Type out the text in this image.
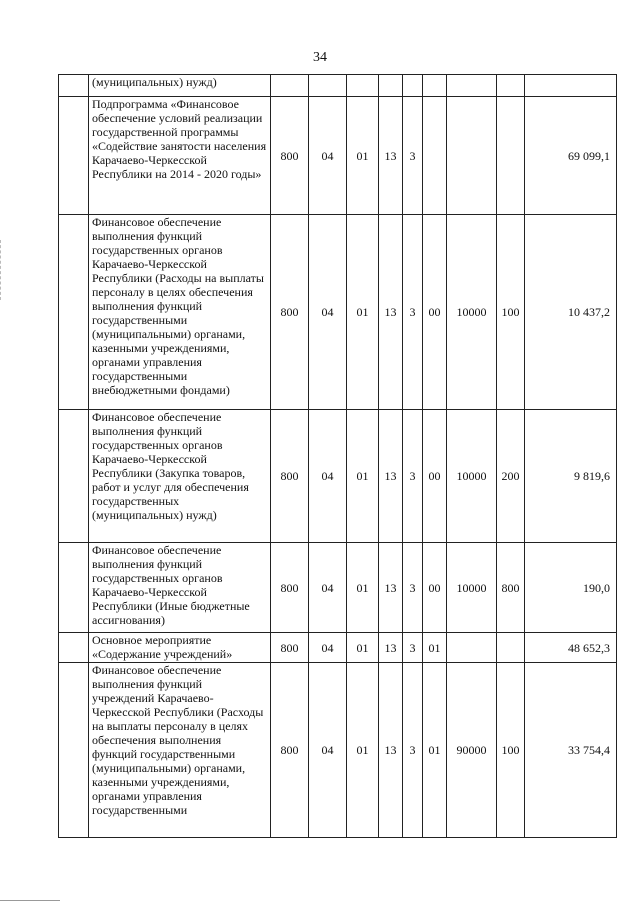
34
	(муниципальных) нужд)									
	Подпрограмма «Финансовое обеспечение условий реализации государственной программы «Содействие занятости населения Карачаево-Черкесской Республики на 2014 - 2020 годы»	800	04	01	13	3				69 099,1
	Финансовое обеспечение выполнения функций государственных органов Карачаево-Черкесской Республики (Расходы на выплаты персоналу в целях обеспечения выполнения функций государственными (муниципальными) органами, казенными учреждениями, органами управления государственными внебюджетными фондами)	800	04	01	13	3	00	10000	100	10 437,2
	Финансовое обеспечение выполнения функций государственных органов Карачаево-Черкесской Республики (Закупка товаров, работ и услуг для обеспечения государственных (муниципальных) нужд)	800	04	01	13	3	00	10000	200	9 819,6
	Финансовое обеспечение выполнения функций государственных органов Карачаево-Черкесской Республики (Иные бюджетные ассигнования)	800	04	01	13	3	00	10000	800	190,0
	Основное мероприятие «Содержание учреждений»	800	04	01	13	3	01			48 652,3
	Финансовое обеспечение выполнения функций учреждений Карачаево-Черкесской Республики (Расходы на выплаты персоналу в целях обеспечения выполнения функций государственными (муниципальными) органами, казенными учреждениями, органами управления государственными	800	04	01	13	3	01	90000	100	33 754,4
